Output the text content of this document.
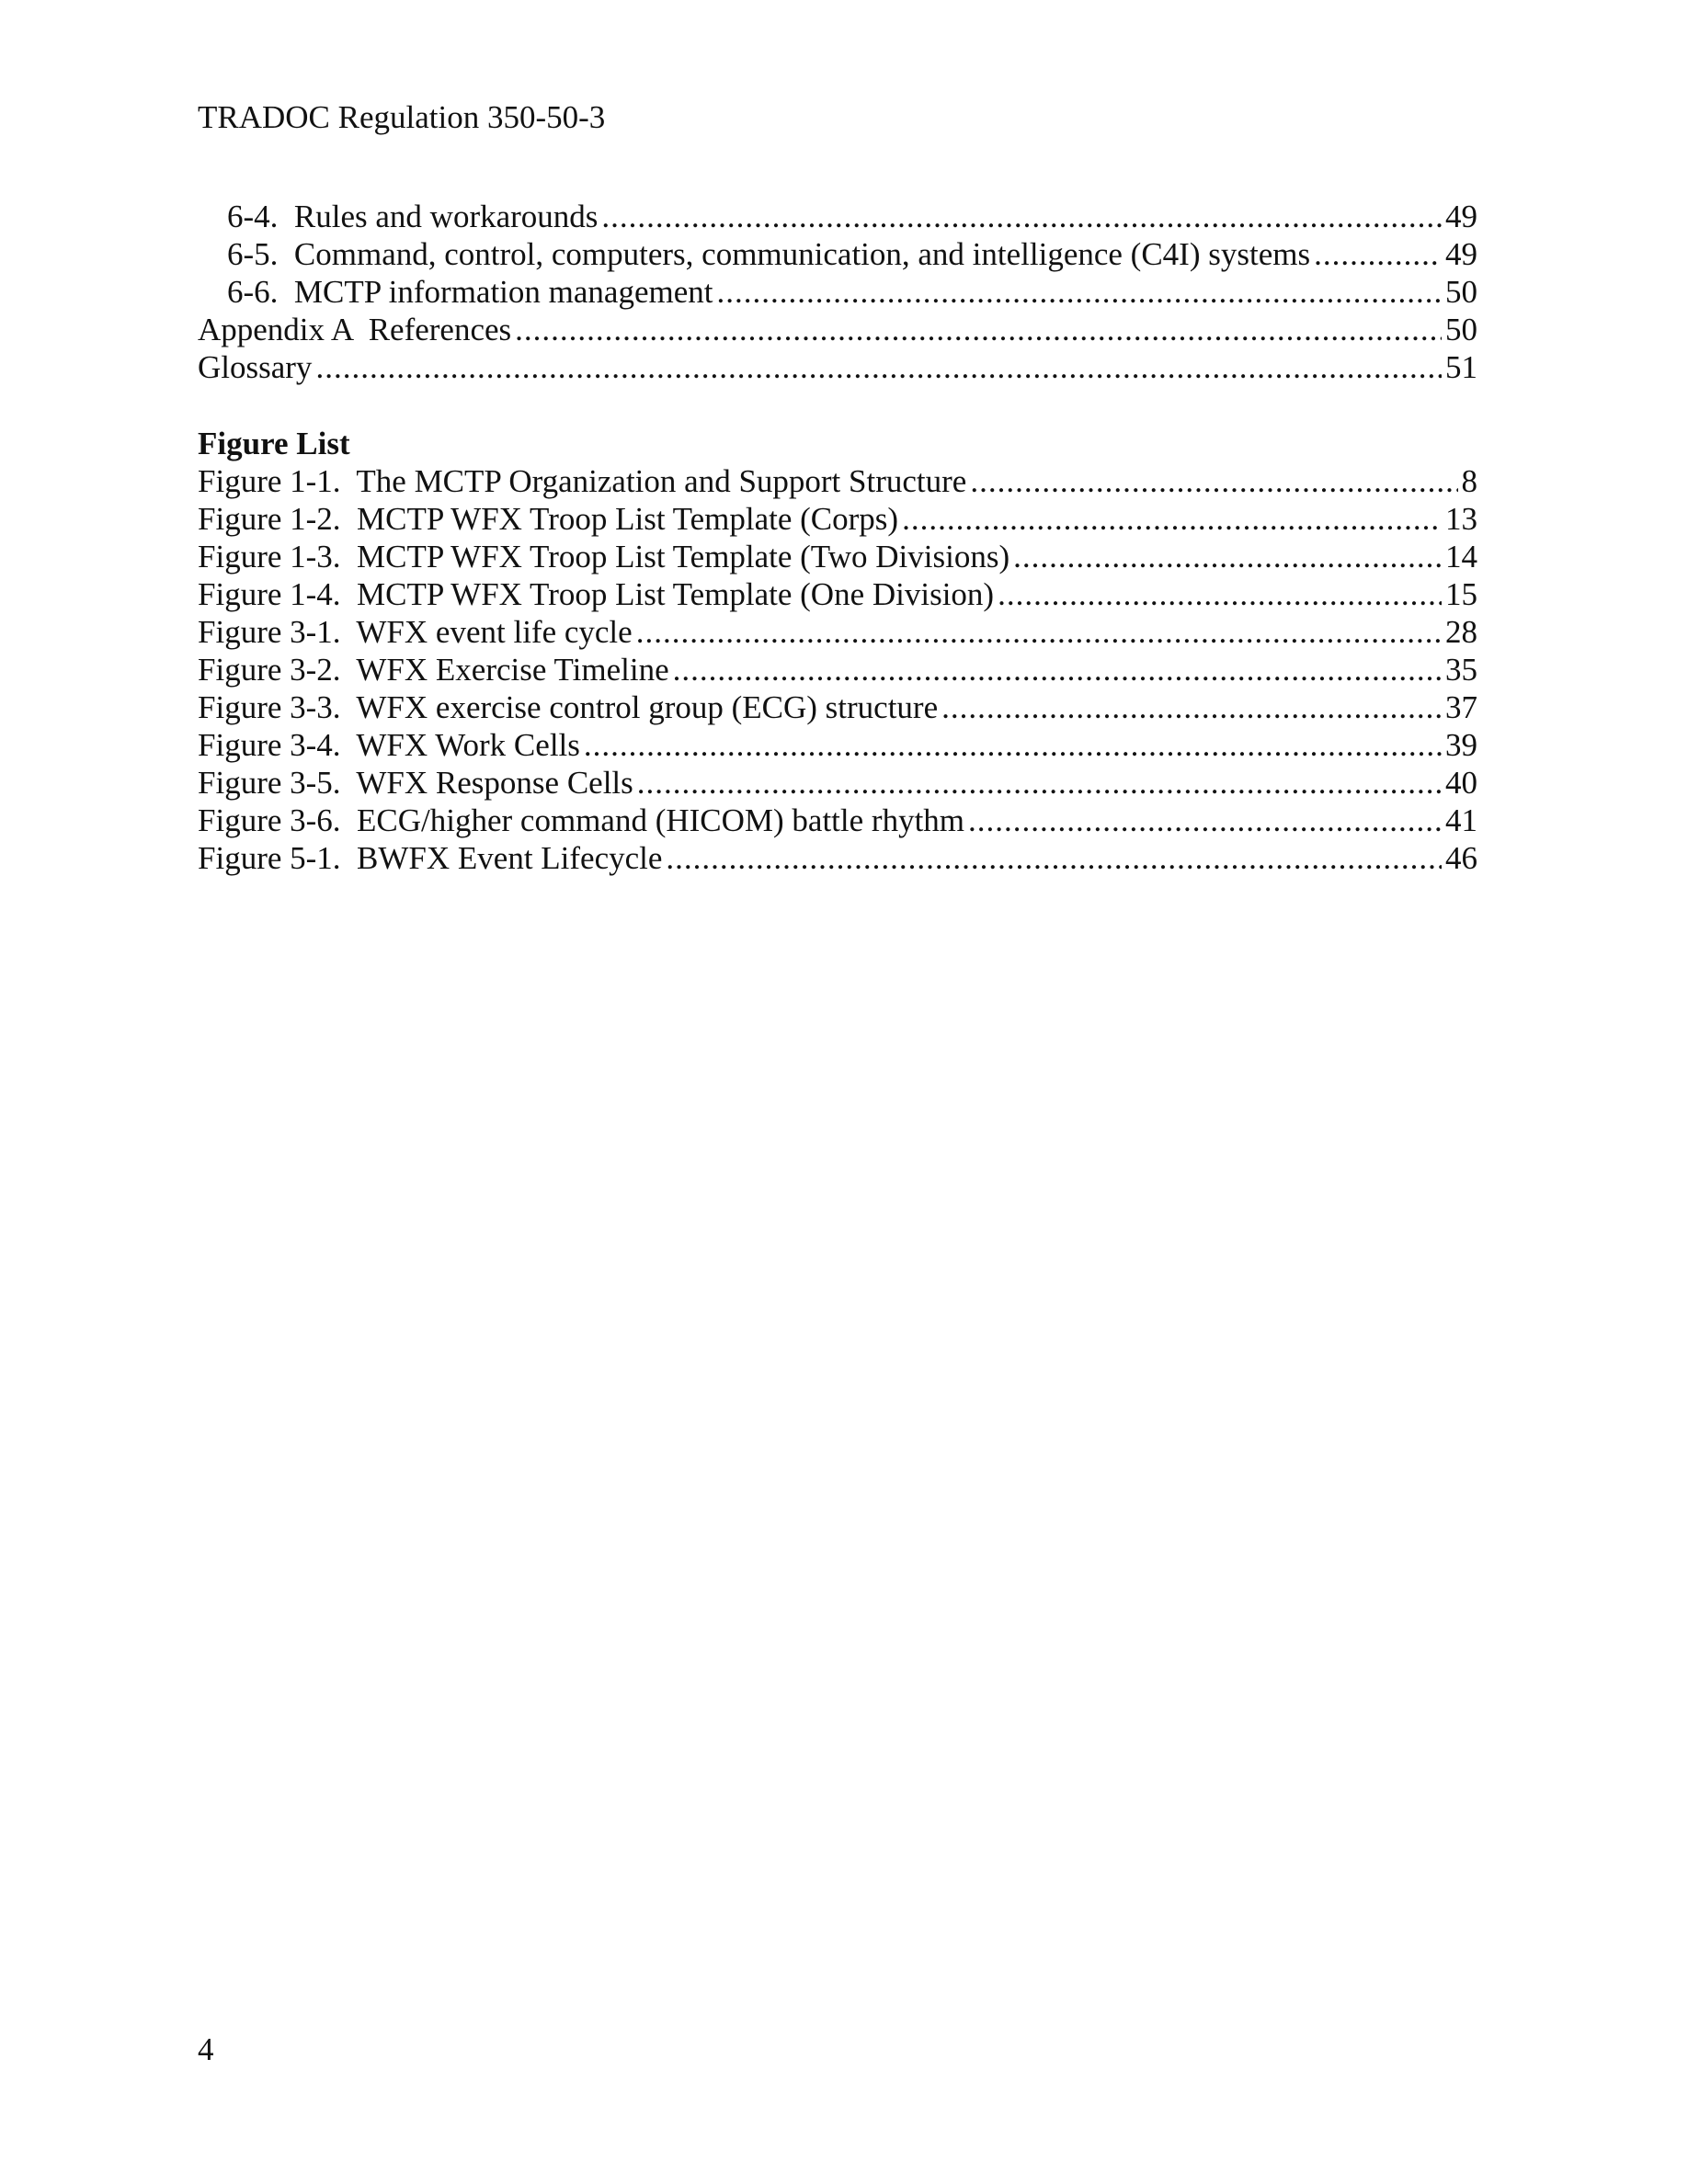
TRADOC Regulation 350-50-3
6-4.  Rules and workarounds .....	49
6-5.  Command, control, computers, communication, and intelligence (C4I) systems .....	49
6-6.  MCTP information management .....	50
Appendix A  References .....	50
Glossary .....	51
Figure List
Figure 1-1.  The MCTP Organization and Support Structure .....	8
Figure 1-2.  MCTP WFX Troop List Template (Corps) .....	13
Figure 1-3.  MCTP WFX Troop List Template (Two Divisions) .....	14
Figure 1-4.  MCTP WFX Troop List Template (One Division) .....	15
Figure 3-1.  WFX event life cycle .....	28
Figure 3-2.  WFX Exercise Timeline .....	35
Figure 3-3.  WFX exercise control group (ECG) structure .....	37
Figure 3-4.  WFX Work Cells .....	39
Figure 3-5.  WFX Response Cells .....	40
Figure 3-6.  ECG/higher command (HICOM) battle rhythm .....	41
Figure 5-1.  BWFX Event Lifecycle .....	46
4
